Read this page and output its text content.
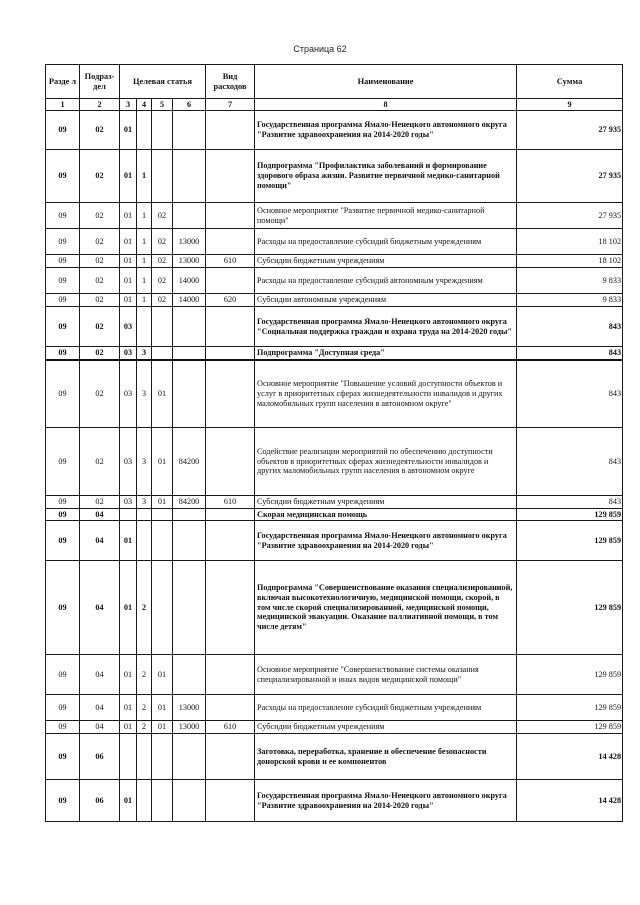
Страница 62
Разде л	Подраз- дел	Целевая статья				Вид расходов	Наименование	Сумма
1	2	3	4	5	6	7	8	9
09	02	01					Государственная программа Ямало-Ненецкого автономного округа "Развитие здравоохранения на 2014-2020 годы"	27 935
09	02	01	1				Подпрограмма "Профилактика заболеваний и формирование здорового образа жизни. Развитие первичной медико-санитарной помощи"	27 935
09	02	01	1	02			Основное мероприятие "Развитие первичной медико-санитарной помощи"	27 935
09	02	01	1	02	13000		Расходы на предоставление субсидий бюджетным учреждениям	18 102
09	02	01	1	02	13000	610	Субсидии бюджетным учреждениям	18 102
09	02	01	1	02	14000		Расходы на предоставление субсидий автономным учреждениям	9 833
09	02	01	1	02	14000	620	Субсидии автономным учреждениям	9 833
09	02	03					Государственная программа Ямало-Ненецкого автономного округа "Социальная поддержка граждан и охрана труда на 2014-2020 годы"	843
09	02	03	3				Подпрограмма "Доступная среда"	843
09	02	03	3	01			Основное мероприятие "Повышение условий доступности объектов и услуг в приоритетных сферах жизнедеятельности инвалидов и других маломобильных групп населения в автономном округе"	843
09	02	03	3	01	84200		Содействие реализации мероприятий по обеспечению доступности объектов в приоритетных сферах жизнедеятельности инвалидов и других маломобильных групп населения в автономном округе	843
09	02	03	3	01	84200	610	Субсидии бюджетным учреждениям	843
09	04						Скорая медицинская помощь	129 859
09	04	01					Государственная программа Ямало-Ненецкого автономного округа "Развитие здравоохранения на 2014-2020 годы"	129 859
09	04	01	2				Подпрограмма "Совершенствование оказания специализированной, включая высокотехнологичную, медицинской помощи, скорой, в том числе скорой специализированной, медицинской помощи, медицинской эвакуации. Оказание паллиативной помощи, в том числе детям"	129 859
09	04	01	2	01			Основное мероприятие "Совершенствование системы оказания специализированной и иных видов медицинской помощи"	129 859
09	04	01	2	01	13000		Расходы на предоставление субсидий бюджетным учреждениям	129 859
09	04	01	2	01	13000	610	Субсидии бюджетным учреждениям	129 859
09	06						Заготовка, переработка, хранение и обеспечение безопасности донорской крови и ее компонентов	14 428
09	06	01					Государственная программа Ямало-Ненецкого автономного округа "Развитие здравоохранения на 2014-2020 годы"	14 428
